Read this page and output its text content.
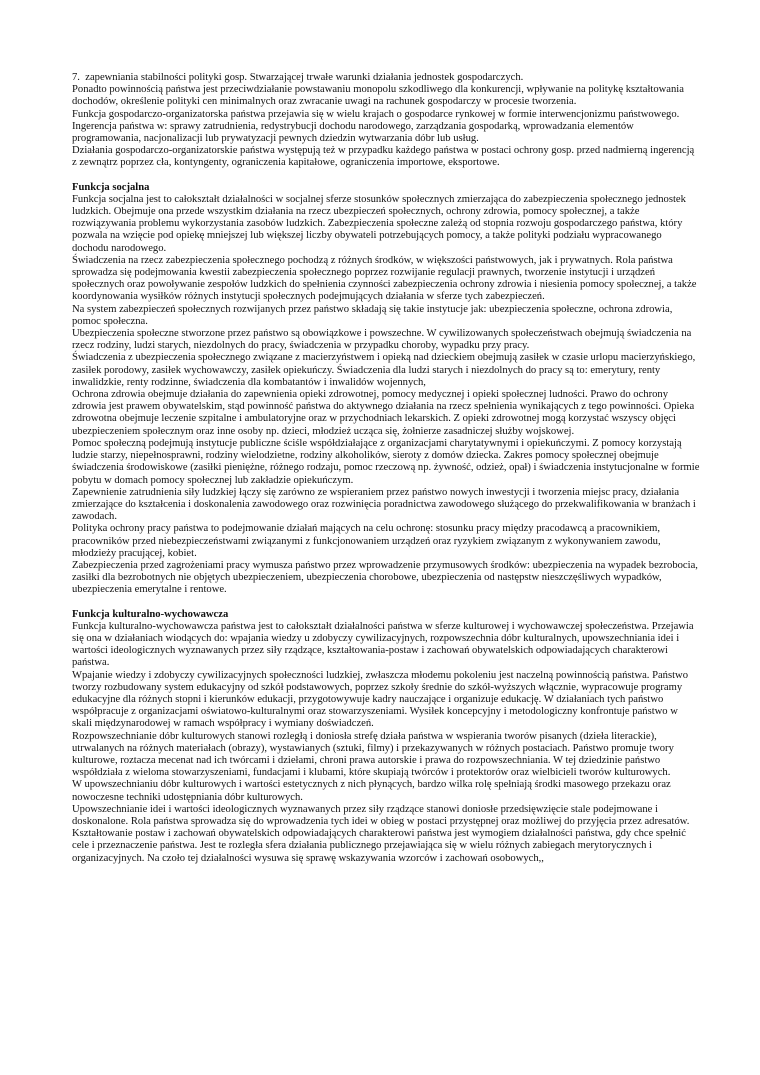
7.  zapewniania stabilności polityki gosp. Stwarzającej trwałe warunki działania jednostek gospodarczych.

Ponadto powinnością państwa jest przeciwdziałanie powstawaniu monopolu szkodliwego dla konkurencji, wpływanie na politykę kształtowania dochodów, określenie polityki cen minimalnych oraz zwracanie uwagi na rachunek gospodarczy w procesie tworzenia.

Funkcja gospodarczo-organizatorska państwa przejawia się w wielu krajach o gospodarce rynkowej w formie interwencjonizmu państwowego. Ingerencja państwa w: sprawy zatrudnienia, redystrybucji dochodu narodowego, zarządzania gospodarką, wprowadzania elementów programowania, nacjonalizacji lub prywatyzacji pewnych dziedzin wytwarzania dóbr lub usług.

Działania gospodarczo-organizatorskie państwa występują też w przypadku każdego państwa w postaci ochrony gosp. przed nadmierną ingerencją z zewnątrz poprzez cła, kontyngenty, ograniczenia kapitałowe, ograniczenia importowe, eksportowe.

Funkcja socjalna

Funkcja socjalna jest to całokształt działalności w socjalnej sferze stosunków społecznych zmierzająca do zabezpieczenia społecznego jednostek ludzkich. Obejmuje ona przede wszystkim działania na rzecz ubezpieczeń społecznych, ochrony zdrowia, pomocy społecznej, a także rozwiązywania problemu wykorzystania zasobów ludzkich. Zabezpieczenia społeczne zależą od stopnia rozwoju gospodarczego państwa, który pozwala na wzięcie pod opiekę mniejszej lub większej liczby obywateli potrzebujących pomocy, a także polityki podziału wypracowanego dochodu narodowego.

Świadczenia na rzecz zabezpieczenia społecznego pochodzą z różnych środków, w większości państwowych, jak i prywatnych. Rola państwa sprowadza się podejmowania kwestii zabezpieczenia społecznego poprzez rozwijanie regulacji prawnych, tworzenie instytucji i urządzeń społecznych oraz powoływanie zespołów ludzkich do spełnienia czynności zabezpieczenia ochrony zdrowia i niesienia pomocy społecznej, a także koordynowania wysiłków różnych instytucji społecznych podejmujących działania w sferze tych zabezpieczeń.

Na system zabezpieczeń społecznych rozwijanych przez państwo składają się takie instytucje jak: ubezpieczenia społeczne, ochrona zdrowia, pomoc społeczna.

Ubezpieczenia społeczne stworzone przez państwo są obowiązkowe i powszechne. W cywilizowanych społeczeństwach obejmują świadczenia na rzecz rodziny, ludzi starych, niezdolnych do pracy, świadczenia w przypadku choroby, wypadku przy pracy.

Świadczenia z ubezpieczenia społecznego związane z macierzyństwem i opieką nad dzieckiem obejmują zasiłek w czasie urlopu macierzyńskiego, zasiłek porodowy, zasiłek wychowawczy, zasiłek opiekuńczy. Świadczenia dla ludzi starych i niezdolnych do pracy są to: emerytury, renty inwalidzkie, renty rodzinne, świadczenia dla kombatantów i inwalidów wojennych,

Ochrona zdrowia obejmuje działania do zapewnienia opieki zdrowotnej, pomocy medycznej i opieki społecznej ludności. Prawo do ochrony zdrowia jest prawem obywatelskim, stąd powinność państwa do aktywnego działania na rzecz spełnienia wynikających z tego powinności. Opieka zdrowotna obejmuje leczenie szpitalne i ambulatoryjne oraz w przychodniach lekarskich. Z opieki zdrowotnej mogą korzystać wszyscy objęci ubezpieczeniem społecznym oraz inne osoby np. dzieci, młodzież ucząca się, żołnierze zasadniczej służby wojskowej.

Pomoc społeczną podejmują instytucje publiczne ściśle współdziałające z organizacjami charytatywnymi i opiekuńczymi. Z pomocy korzystają ludzie starzy, niepełnosprawni, rodziny wielodzietne, rodziny alkoholików, sieroty z domów dziecka. Zakres pomocy społecznej obejmuje świadczenia środowiskowe (zasiłki pieniężne, różnego rodzaju, pomoc rzeczową np. żywność, odzież, opał) i świadczenia instytucjonalne w formie pobytu w domach pomocy społecznej lub zakładzie opiekuńczym.

Zapewnienie zatrudnienia siły ludzkiej łączy się zarówno ze wspieraniem przez państwo nowych inwestycji i tworzenia miejsc pracy, działania zmierzające do kształcenia i doskonalenia zawodowego oraz rozwinięcia poradnictwa zawodowego służącego do przekwalifikowania w branżach i zawodach.

Polityka ochrony pracy państwa to podejmowanie działań mających na celu ochronę: stosunku pracy między pracodawcą a pracownikiem, pracowników przed niebezpieczeństwami związanymi z funkcjonowaniem urządzeń oraz ryzykiem związanym z wykonywaniem zawodu, młodzieży pracującej, kobiet.

Zabezpieczenia przed zagrożeniami pracy wymusza państwo przez wprowadzenie przymusowych środków: ubezpieczenia na wypadek bezrobocia, zasiłki dla bezrobotnych nie objętych ubezpieczeniem, ubezpieczenia chorobowe, ubezpieczenia od następstw nieszczęśliwych wypadków, ubezpieczenia emerytalne i rentowe.

Funkcja kulturalno-wychowawcza

Funkcja kulturalno-wychowawcza państwa jest to całokształt działalności państwa w sferze kulturowej i wychowawczej społeczeństwa. Przejawia się ona w działaniach wiodących do: wpajania wiedzy u zdobyczy cywilizacyjnych, rozpowszechnia dóbr kulturalnych, upowszechniania idei i wartości ideologicznych wyznawanych przez siły rządzące, kształtowania-postaw i zachowań obywatelskich odpowiadających charakterowi państwa.

Wpajanie wiedzy i zdobyczy cywilizacyjnych społeczności ludzkiej, zwłaszcza młodemu pokoleniu jest naczelną powinnością państwa. Państwo tworzy rozbudowany system edukacyjny od szkół podstawowych, poprzez szkoły średnie do szkół-wyższych włącznie, wypracowuje programy edukacyjne dla różnych stopni i kierunków edukacji, przygotowywuje kadry nauczające i organizuje edukację. W działaniach tych państwo współpracuje z organizacjami oświatowo-kulturalnymi oraz stowarzyszeniami. Wysiłek koncepcyjny i metodologiczny konfrontuje państwo w skali międzynarodowej w ramach współpracy i wymiany doświadczeń.

Rozpowszechnianie dóbr kulturowych stanowi rozległą i doniosła strefę działa państwa w wspierania tworów pisanych (dzieła literackie), utrwalanych na różnych materiałach (obrazy), wystawianych (sztuki, filmy) i przekazywanych w różnych postaciach. Państwo promuje twory kulturowe, roztacza mecenat nad ich twórcami i dziełami, chroni prawa autorskie i prawa do rozpowszechniania. W tej dziedzinie państwo współdziała z wieloma stowarzyszeniami, fundacjami i klubami, które skupiają twórców i protektorów oraz wielbicieli tworów kulturowych.

W upowszechnianiu dóbr kulturowych i wartości estetycznych z nich płynących, bardzo wilka rolę spełniają środki masowego przekazu oraz nowoczesne techniki udostępniania dóbr kulturowych.

Upowszechnianie idei i wartości ideologicznych wyznawanych przez siły rządzące stanowi doniosłe przedsięwzięcie stale podejmowane i doskonalone. Rola państwa sprowadza się do wprowadzenia tych idei w obieg w postaci przystępnej oraz możliwej do przyjęcia przez adresatów.

Kształtowanie postaw i zachowań obywatelskich odpowiadających charakterowi państwa jest wymogiem działalności państwa, gdy chce spełnić cele i przeznaczenie państwa. Jest te rozległa sfera działania publicznego przejawiająca się w wielu różnych zabiegach merytorycznych i organizacyjnych. Na czoło tej działalności wysuwa się sprawę wskazywania wzorców i zachowań osobowych,,
